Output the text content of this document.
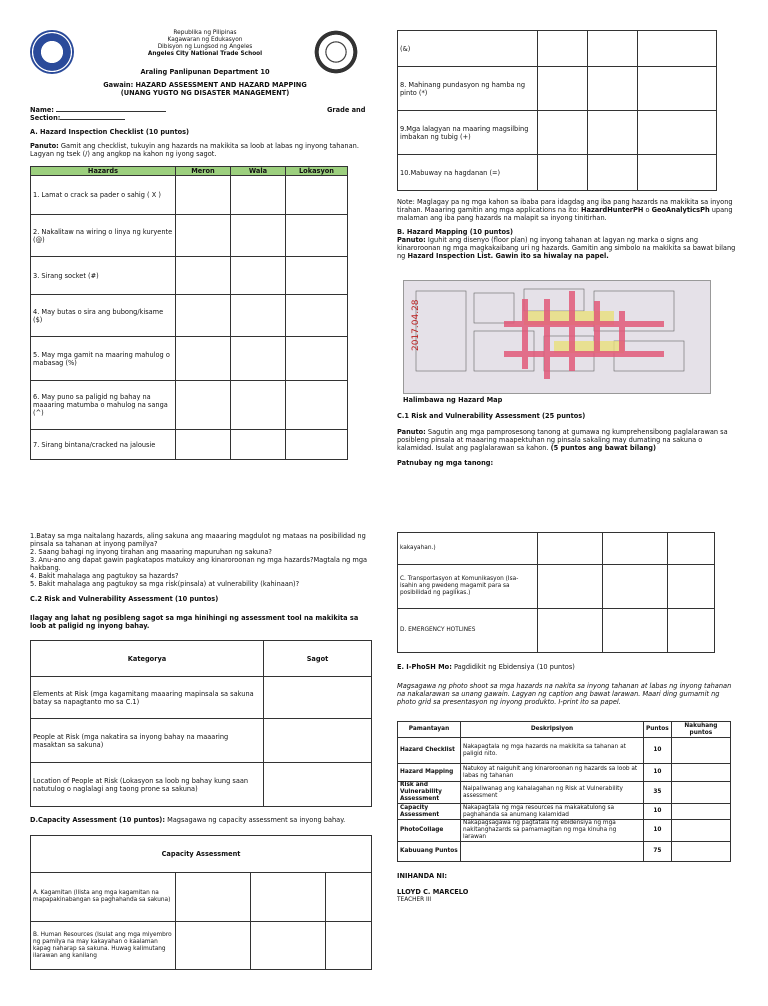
Republika ng Pilipinas
Kagawaran ng Edukasyon
Dibisyon ng Lungsod ng Angeles
Angeles City National Trade School
Araling Panlipunan Department 10
Gawain: HAZARD ASSESSMENT AND HAZARD MAPPING
(UNANG YUGTO NG DISASTER MANAGEMENT)
Name:	Grade and
Section:
A. Hazard Inspection Checklist (10 puntos)
Panuto: Gamit ang checklist, tukuyin ang hazards na makikita sa loob at labas ng inyong tahanan. Lagyan ng tsek (/) ang angkop na kahon ng iyong sagot.
Hazards	Meron	Wala	Lokasyon
1. Lamat o crack sa pader o sahig ( X )			
2. Nakalitaw na wiring o linya ng kuryente (@)			
3. Sirang socket (#)			
4. May butas o sira ang bubong/kisame ($)			
5. May mga gamit na maaring mahulog o mabasag (%)			
6. May puno sa paligid ng bahay na maaaring matumba o mahulog na sanga (^)			
7. Sirang bintana/cracked na jalousie			
(&)			
8. Mahinang pundasyon ng hamba ng pinto (*)			
9.Mga lalagyan na maaring magsilbing imbakan ng tubig (+)			
10.Mabuway na hagdanan (=)			
Note: Maglagay pa ng mga kahon sa ibaba para idagdag ang iba pang hazards na makikita sa inyong tirahan. Maaaring gamitin ang mga applications na ito: HazardHunterPH o GeoAnalyticsPh upang malaman ang iba pang hazards na malapit sa inyong tinitirhan.
B. Hazard Mapping (10 puntos)
Panuto: Iguhit ang disenyo (floor plan) ng inyong tahanan at lagyan ng marka o signs ang kinaroroonan ng mga magkakaibang uri ng hazards. Gamitin ang simbolo na makikita sa bawat bilang ng Hazard Inspection List. Gawin ito sa hiwalay na papel.
2017.04.28
Halimbawa ng Hazard Map
C.1 Risk and Vulnerability Assessment (25 puntos)
Panuto: Sagutin ang mga pamprosesong tanong at gumawa ng kumprehensibong paglalarawan sa posibleng pinsala at maaaring maapektuhan ng pinsala sakaling may dumating na sakuna o kalamidad. Isulat ang paglalarawan sa kahon. (5 puntos ang bawat bilang)
Patnubay ng mga tanong:
1.Batay sa mga naitalang hazards, aling sakuna ang maaaring magdulot ng mataas na posibilidad ng pinsala sa tahanan at inyong pamilya?
2. Saang bahagi ng inyong tirahan ang maaaring mapuruhan ng sakuna?
3. Anu-ano ang dapat gawin pagkatapos matukoy ang kinaroroonan ng mga hazards?Magtala ng mga hakbang.
4. Bakit mahalaga ang pagtukoy sa hazards?
5. Bakit mahalaga ang pagtukoy sa mga risk(pinsala) at vulnerability (kahinaan)?
C.2 Risk and Vulnerability Assessment (10 puntos)
Ilagay ang lahat ng posibleng sagot sa mga hinihingi ng assessment tool na makikita sa loob at paligid ng inyong bahay.
Kategorya	Sagot
Elements at Risk (mga kagamitang maaaring mapinsala sa sakuna batay sa napagtanto mo sa C.1)	
People at Risk (mga nakatira sa inyong bahay na maaaring masaktan sa sakuna)	
Location of People at Risk (Lokasyon sa loob ng bahay kung saan natutulog o naglalagi ang taong prone sa sakuna)	
D.Capacity Assessment (10 puntos): Magsagawa ng capacity assessment sa inyong bahay.
Capacity Assessment			
A. Kagamitan (Ilista ang mga kagamitan na mapapakinabangan sa paghahanda sa sakuna)			
B. Human Resources (Isulat ang mga miyembro ng pamilya na may kakayahan o kaalaman kapag naharap sa sakuna. Huwag kalimutang ilarawan ang kanilang			
kakayahan.)			
C. Transportasyon at Komunikasyon (Isa-isahin ang pwedeng magamit para sa posibilidad ng paglikas.)			
D. EMERGENCY HOTLINES			
E. I-PhoSH Mo: Pagdidikit ng Ebidensiya (10 puntos)
Magsagawa ng photo shoot sa mga hazards na nakita sa inyong tahanan at labas ng inyong tahanan na nakalarawan sa unang gawain. Lagyan ng caption ang bawat larawan. Maari ding gumamit ng photo grid sa presentasyon ng inyong produkto. I-print ito sa papel.
Pamantayan	Deskripsiyon	Puntos	Nakuhang puntos
Hazard Checklist	Nakapagtala ng mga hazards na makikita sa tahanan at paligid nito.	10	
Hazard Mapping	Natukoy at naiguhit ang kinaroroonan ng hazards sa loob at labas ng tahanan	10	
Risk and Vulnerability Assessment	Naipaliwanag ang kahalagahan ng Risk at Vulnerability assessment	35	
Capacity Assessment	Nakapagtala ng mga resources na makakatulong sa paghahanda sa anumang kalamidad	10	
PhotoCollage	Nakapagsagawa ng pagtatala ng ebidensiya ng mga nakitanghazards sa pamamagitan ng mga kinuha ng larawan	10	
Kabuuang Puntos		75	
INIHANDA NI:
LLOYD C. MARCELO
TEACHER III
